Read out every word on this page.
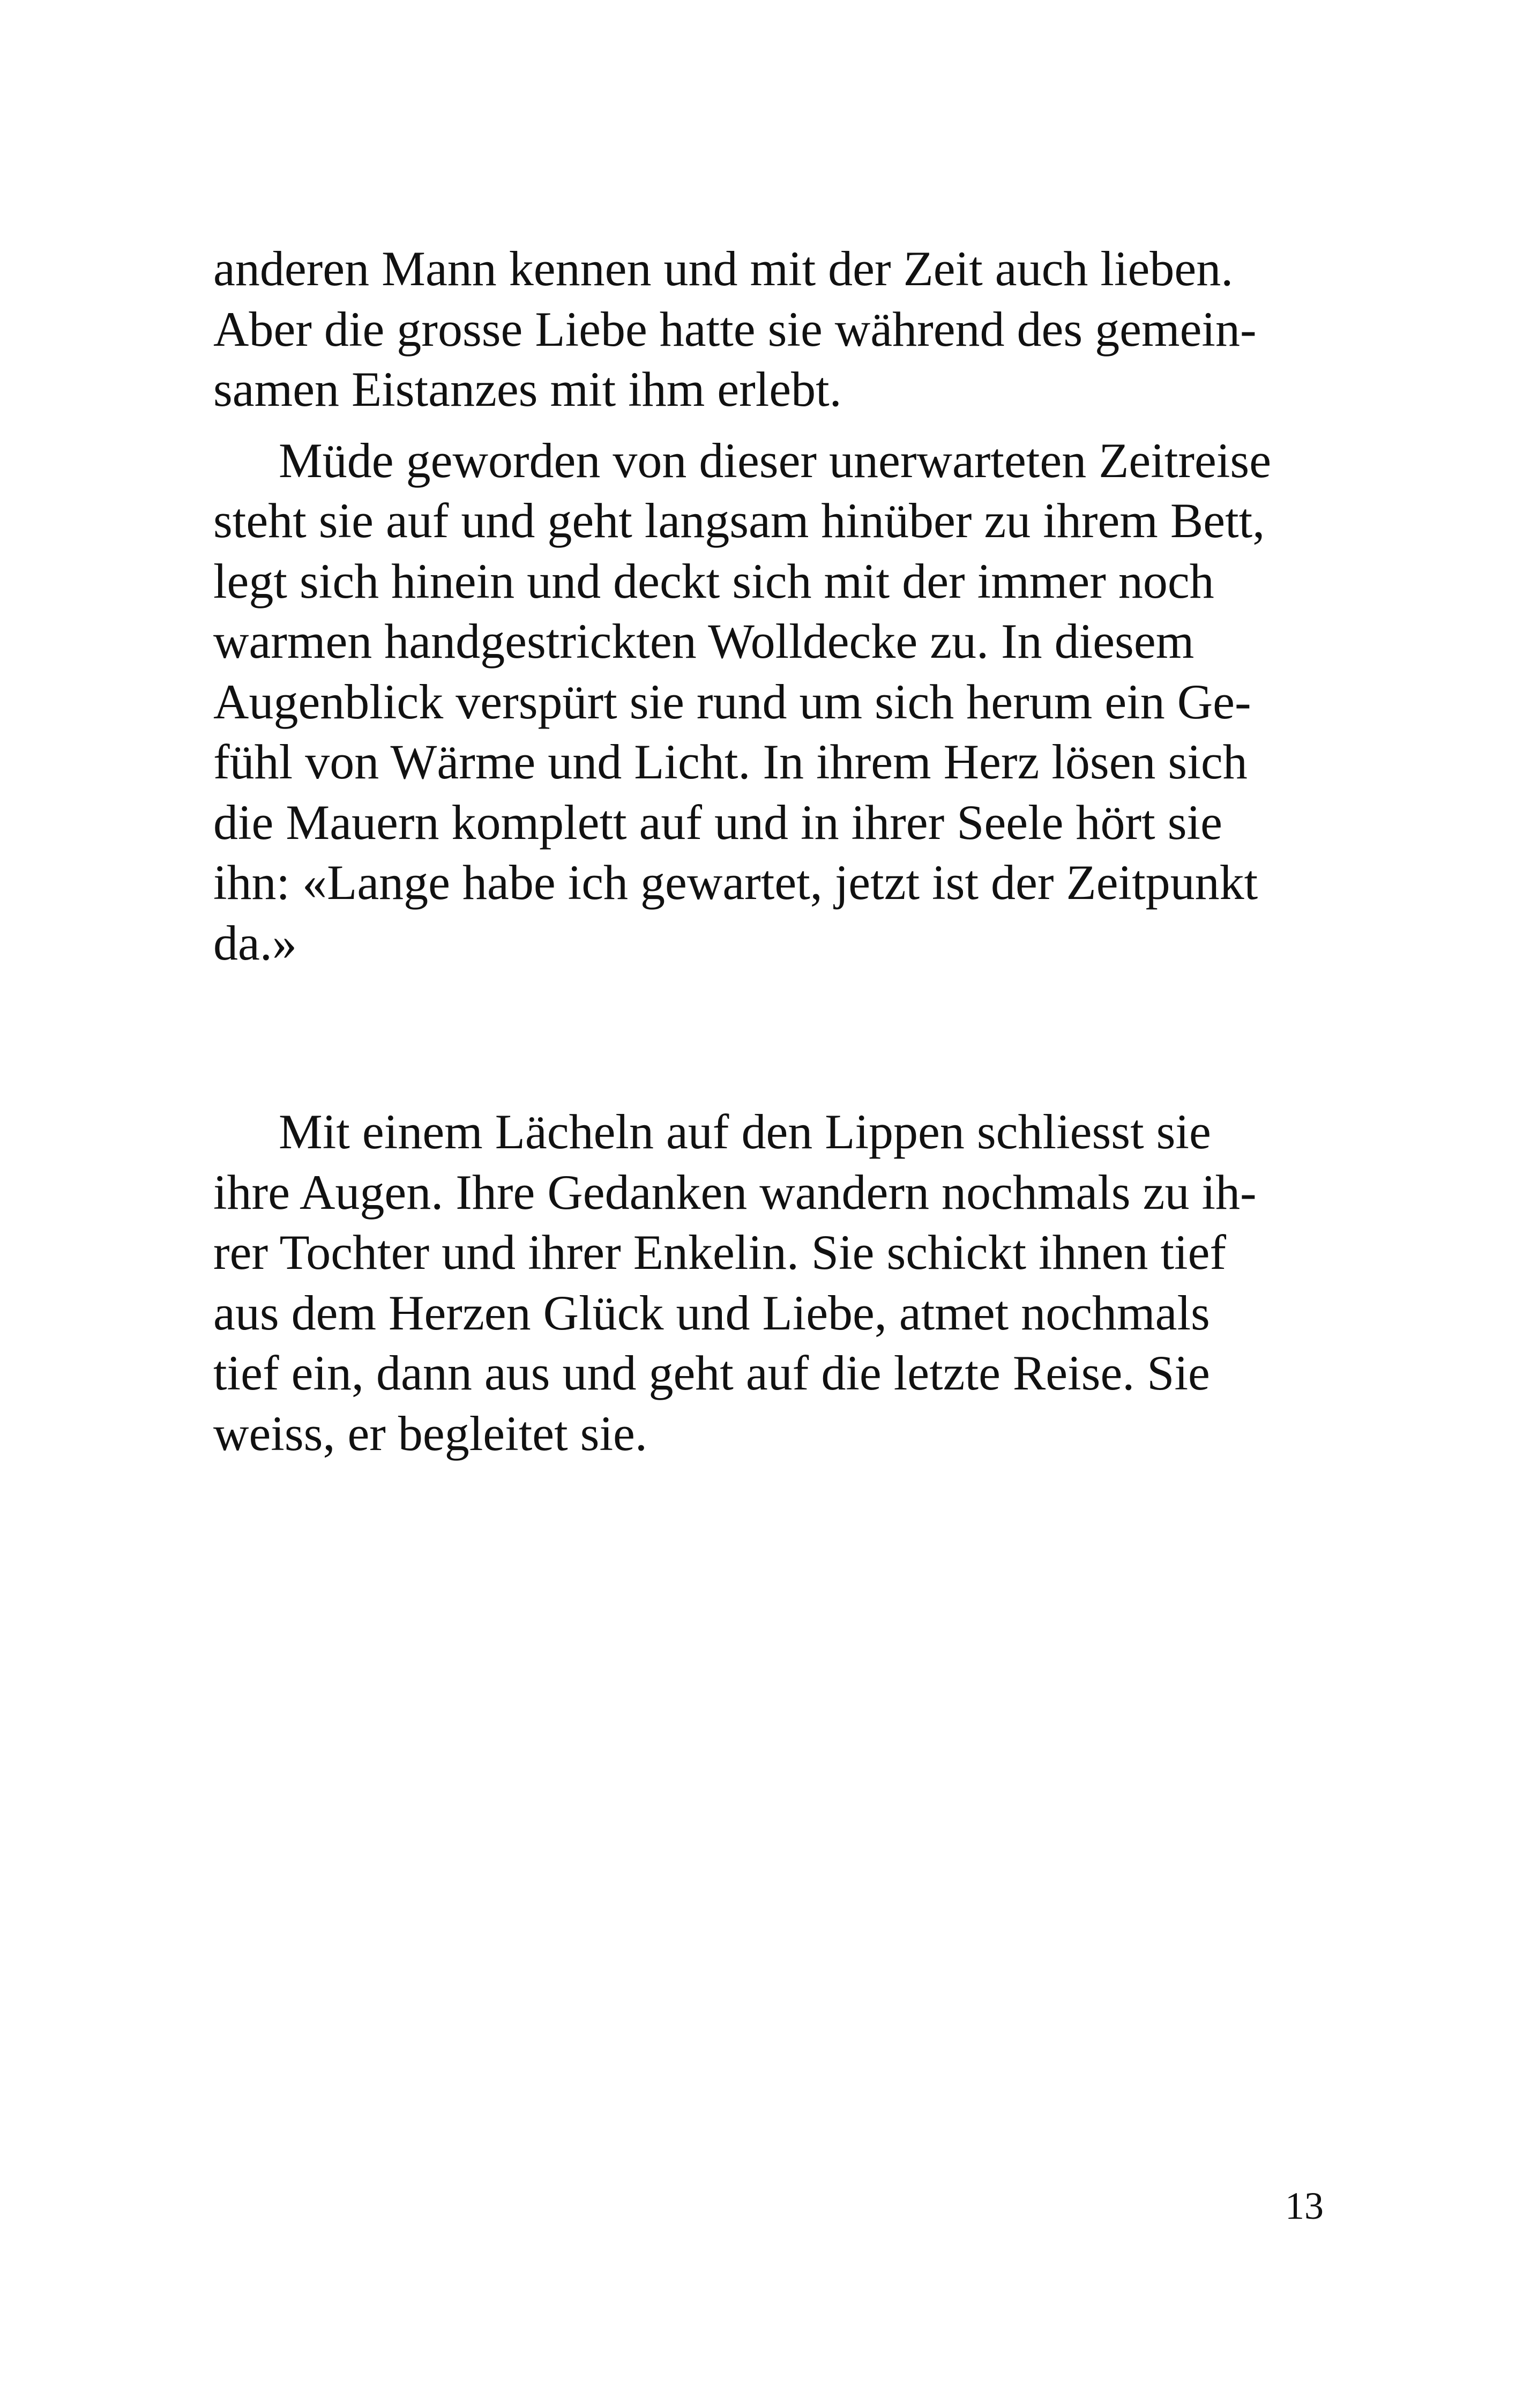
anderen Mann kennen und mit der Zeit auch lieben.
Aber die grosse Liebe hatte sie während des gemein-
samen Eistanzes mit ihm erlebt.
Müde geworden von dieser unerwarteten Zeitreise
steht sie auf und geht langsam hinüber zu ihrem Bett,
legt sich hinein und deckt sich mit der immer noch
warmen handgestrickten Wolldecke zu. In diesem
Augenblick verspürt sie rund um sich herum ein Ge-
fühl von Wärme und Licht. In ihrem Herz lösen sich
die Mauern komplett auf und in ihrer Seele hört sie
ihn: «Lange habe ich gewartet, jetzt ist der Zeitpunkt
da.»
Mit einem Lächeln auf den Lippen schliesst sie
ihre Augen. Ihre Gedanken wandern nochmals zu ih-
rer Tochter und ihrer Enkelin. Sie schickt ihnen tief
aus dem Herzen Glück und Liebe, atmet nochmals
tief ein, dann aus und geht auf die letzte Reise. Sie
weiss, er begleitet sie.
13
